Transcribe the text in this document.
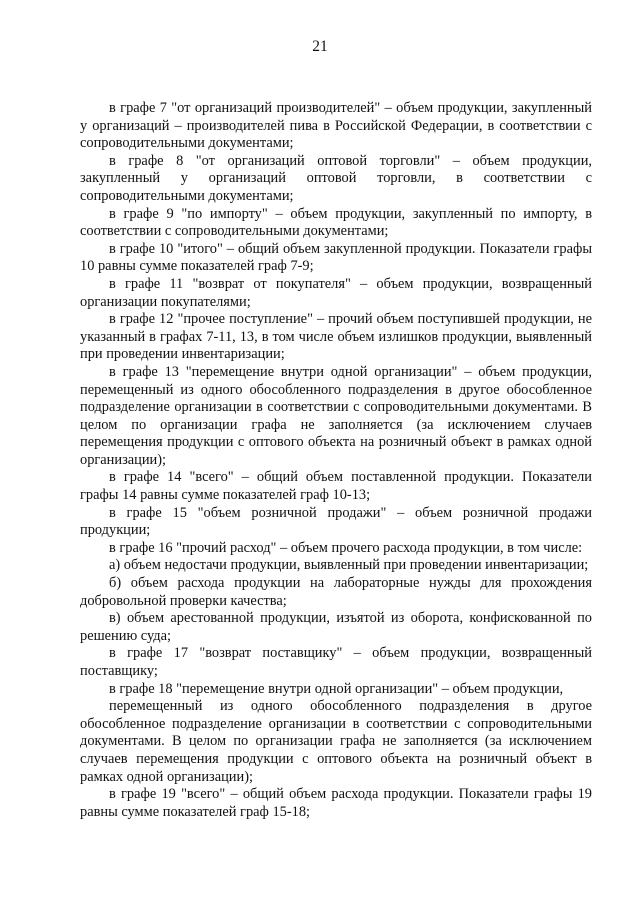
21

в графе 7 "от организаций производителей" – объем продукции, закупленный у организаций – производителей пива в Российской Федерации, в соответствии с сопроводительными документами;

в графе 8 "от организаций оптовой торговли" – объем продукции, закупленный у организаций оптовой торговли, в соответствии с сопроводительными документами;

в графе 9 "по импорту" – объем продукции, закупленный по импорту, в соответствии с сопроводительными документами;

в графе 10 "итого" – общий объем закупленной продукции. Показатели графы 10 равны сумме показателей граф 7-9;

в графе 11 "возврат от покупателя" – объем продукции, возвращенный организации покупателями;

в графе 12 "прочее поступление" – прочий объем поступившей продукции, не указанный в графах 7-11, 13, в том числе объем излишков продукции, выявленный при проведении инвентаризации;

в графе 13 "перемещение внутри одной организации" – объем продукции, перемещенный из одного обособленного подразделения в другое обособленное подразделение организации в соответствии с сопроводительными документами. В целом по организации графа не заполняется (за исключением случаев перемещения продукции с оптового объекта на розничный объект в рамках одной организации);

в графе 14 "всего" – общий объем поставленной продукции. Показатели графы 14 равны сумме показателей граф 10-13;

в графе 15 "объем розничной продажи" – объем розничной продажи продукции;

в графе 16 "прочий расход" – объем прочего расхода продукции, в том числе:

а) объем недостачи продукции, выявленный при проведении инвентаризации;

б) объем расхода продукции на лабораторные нужды для прохождения добровольной проверки качества;

в) объем арестованной продукции, изъятой из оборота, конфискованной по решению суда;

в графе 17 "возврат поставщику" – объем продукции, возвращенный поставщику;

в графе 18 "перемещение внутри одной организации" – объем продукции,

перемещенный из одного обособленного подразделения в другое обособленное подразделение организации в соответствии с сопроводительными документами. В целом по организации графа не заполняется (за исключением случаев перемещения продукции с оптового объекта на розничный объект в рамках одной организации);

в графе 19 "всего" – общий объем расхода продукции. Показатели графы 19 равны сумме показателей граф 15-18;
